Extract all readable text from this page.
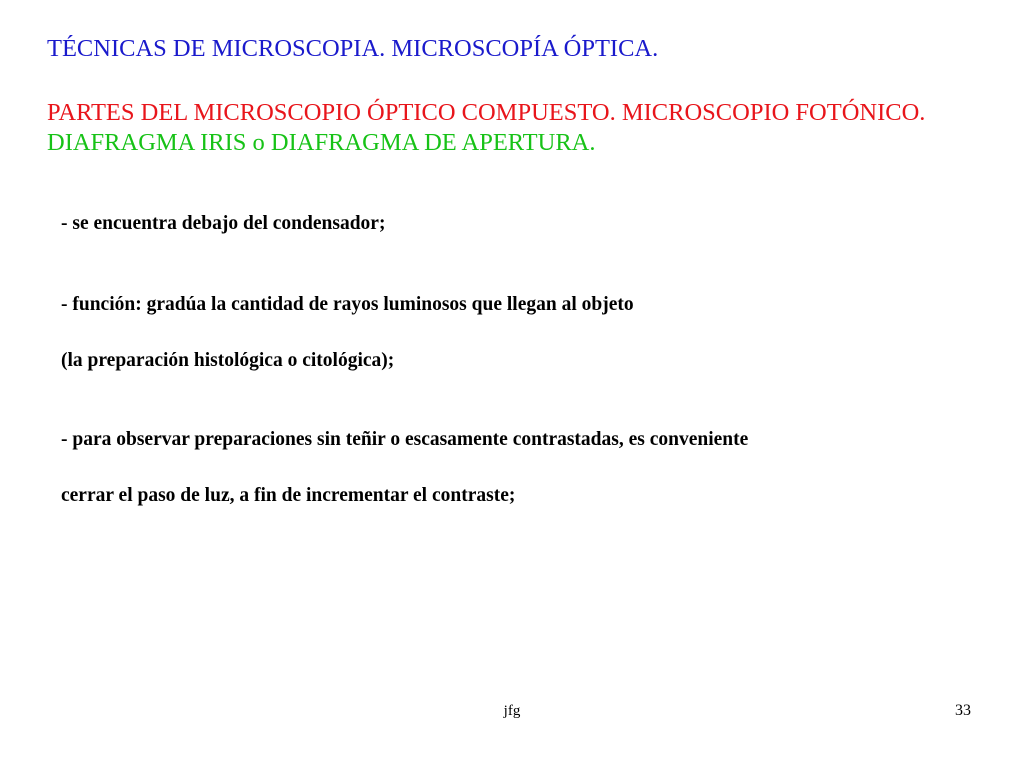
TÉCNICAS DE MICROSCOPIA. MICROSCOPÍA ÓPTICA.
PARTES DEL MICROSCOPIO ÓPTICO COMPUESTO. MICROSCOPIO FOTÓNICO. DIAFRAGMA IRIS o DIAFRAGMA DE APERTURA.
- se encuentra debajo del condensador;
- función: gradúa la cantidad de rayos luminosos que llegan al objeto
(la preparación histológica o citológica);
- para observar preparaciones sin teñir o escasamente contrastadas, es conveniente
cerrar el paso de luz, a fin de incrementar el contraste;
jfg	33
